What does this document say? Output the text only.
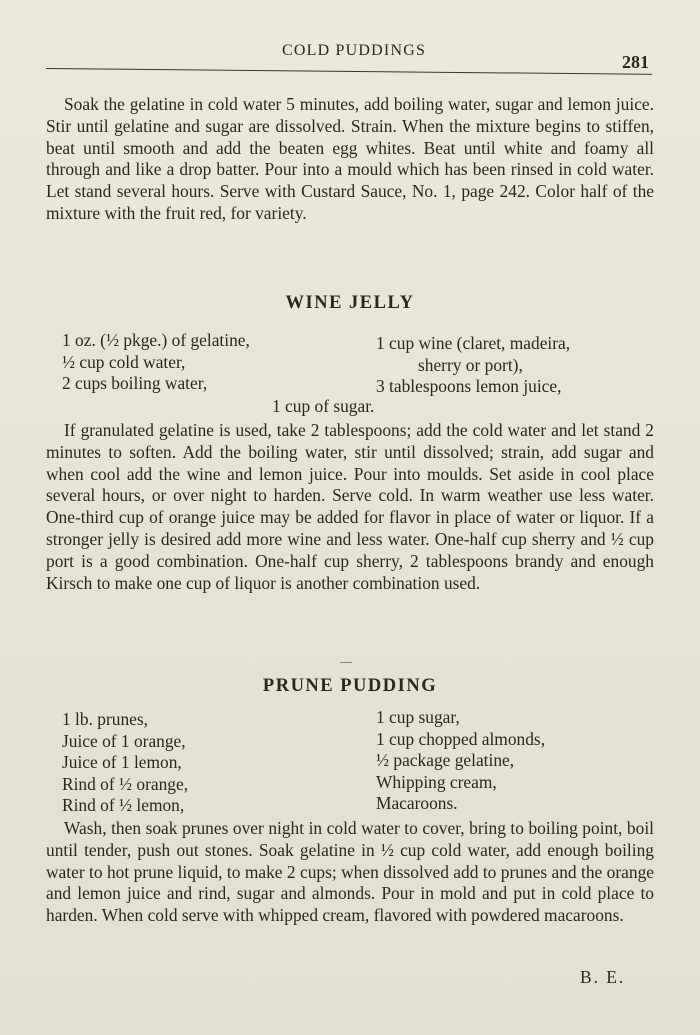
COLD PUDDINGS
281

Soak the gelatine in cold water 5 minutes, add boiling water, sugar and lemon juice. Stir until gelatine and sugar are dissolved. Strain. When the mixture begins to stiffen, beat until smooth and add the beaten egg whites. Beat until white and foamy all through and like a drop batter. Pour into a mould which has been rinsed in cold water. Let stand several hours. Serve with Custard Sauce, No. 1, page 242. Color half of the mixture with the fruit red, for variety.

WINE JELLY
1 oz. (½ pkge.) of gelatine,
½ cup cold water,
2 cups boiling water,
1 cup wine (claret, madeira,
sherry or port),
3 tablespoons lemon juice,
1 cup of sugar.

If granulated gelatine is used, take 2 tablespoons; add the cold water and let stand 2 minutes to soften. Add the boiling water, stir until dissolved; strain, add sugar and when cool add the wine and lemon juice. Pour into moulds. Set aside in cool place several hours, or over night to harden. Serve cold. In warm weather use less water. One-third cup of orange juice may be added for flavor in place of water or liquor. If a stronger jelly is desired add more wine and less water. One-half cup sherry and ½ cup port is a good combination. One-half cup sherry, 2 tablespoons brandy and enough Kirsch to make one cup of liquor is another combination used.

PRUNE PUDDING
1 lb. prunes,
Juice of 1 orange,
Juice of 1 lemon,
Rind of ½ orange,
Rind of ½ lemon,
1 cup sugar,
1 cup chopped almonds,
½ package gelatine,
Whipping cream,
Macaroons.

Wash, then soak prunes over night in cold water to cover, bring to boiling point, boil until tender, push out stones. Soak gelatine in ½ cup cold water, add enough boiling water to hot prune liquid, to make 2 cups; when dissolved add to prunes and the orange and lemon juice and rind, sugar and almonds. Pour in mold and put in cold place to harden. When cold serve with whipped cream, flavored with powdered macaroons.

B. E.
